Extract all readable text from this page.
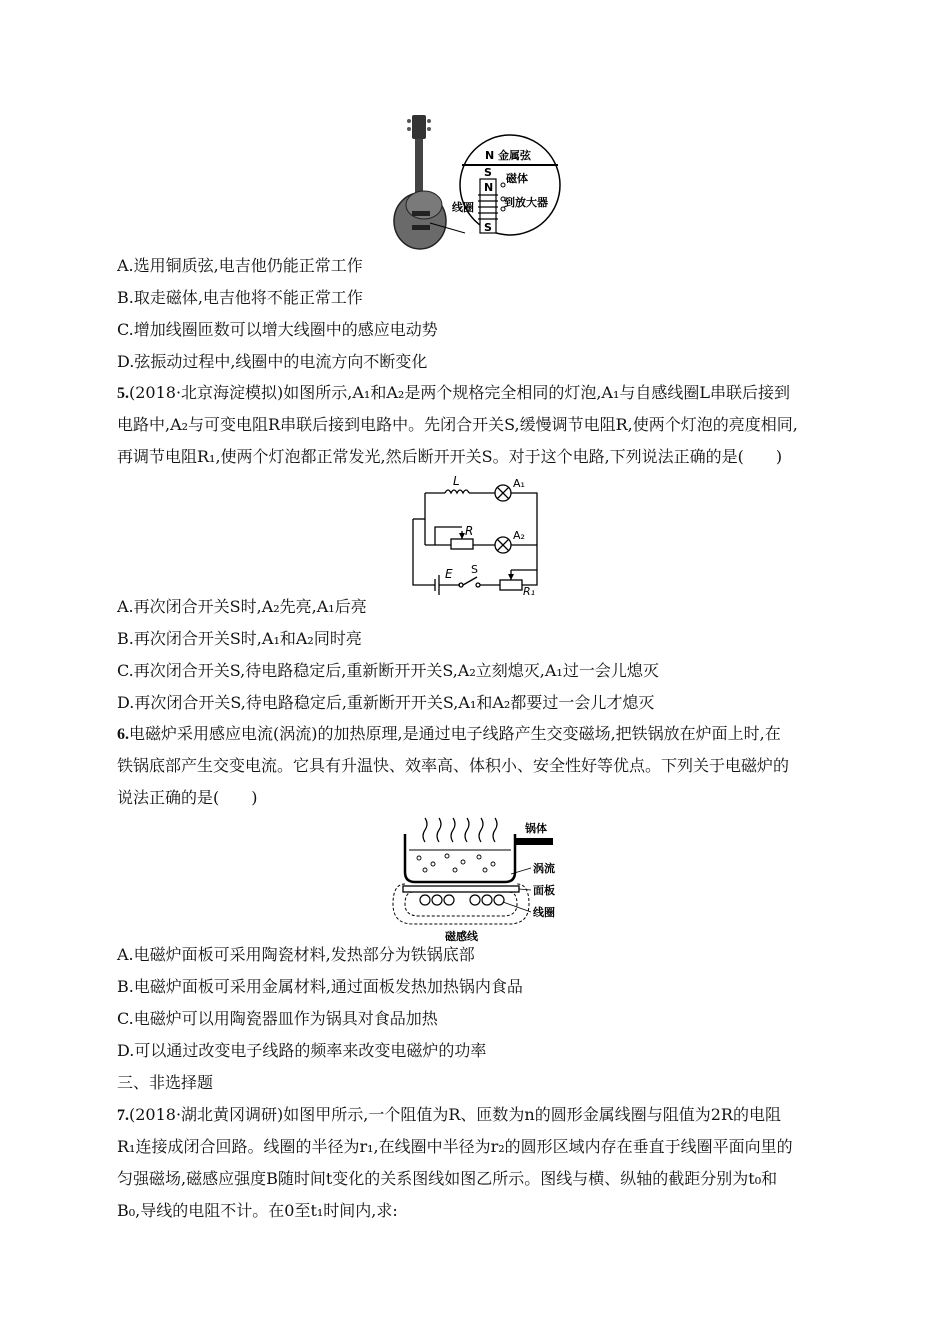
N 金属弦
S
N
S
磁体
线圈	到放大器
A.选用铜质弦,电吉他仍能正常工作
B.取走磁体,电吉他将不能正常工作
C.增加线圈匝数可以增大线圈中的感应电动势
D.弦振动过程中,线圈中的电流方向不断变化
5.(2018·北京海淀模拟)如图所示,A₁和A₂是两个规格完全相同的灯泡,A₁与自感线圈L串联后接到
电路中,A₂与可变电阻R串联后接到电路中。先闭合开关S,缓慢调节电阻R,使两个灯泡的亮度相同,
再调节电阻R₁,使两个灯泡都正常发光,然后断开开关S。对于这个电路,下列说法正确的是(　　)
L	A₁
R	A₂
E S
R₁
A.再次闭合开关S时,A₂先亮,A₁后亮
B.再次闭合开关S时,A₁和A₂同时亮
C.再次闭合开关S,待电路稳定后,重新断开开关S,A₂立刻熄灭,A₁过一会儿熄灭
D.再次闭合开关S,待电路稳定后,重新断开开关S,A₁和A₂都要过一会儿才熄灭
6.电磁炉采用感应电流(涡流)的加热原理,是通过电子线路产生交变磁场,把铁锅放在炉面上时,在
铁锅底部产生交变电流。它具有升温快、效率高、体积小、安全性好等优点。下列关于电磁炉的
说法正确的是(　　)
锅体
涡流
面板
线圈
磁感线
A.电磁炉面板可采用陶瓷材料,发热部分为铁锅底部
B.电磁炉面板可采用金属材料,通过面板发热加热锅内食品
C.电磁炉可以用陶瓷器皿作为锅具对食品加热
D.可以通过改变电子线路的频率来改变电磁炉的功率
三、非选择题
7.(2018·湖北黄冈调研)如图甲所示,一个阻值为R、匝数为n的圆形金属线圈与阻值为2R的电阻
R₁连接成闭合回路。线圈的半径为r₁,在线圈中半径为r₂的圆形区域内存在垂直于线圈平面向里的
匀强磁场,磁感应强度B随时间t变化的关系图线如图乙所示。图线与横、纵轴的截距分别为t₀和
B₀,导线的电阻不计。在0至t₁时间内,求:
